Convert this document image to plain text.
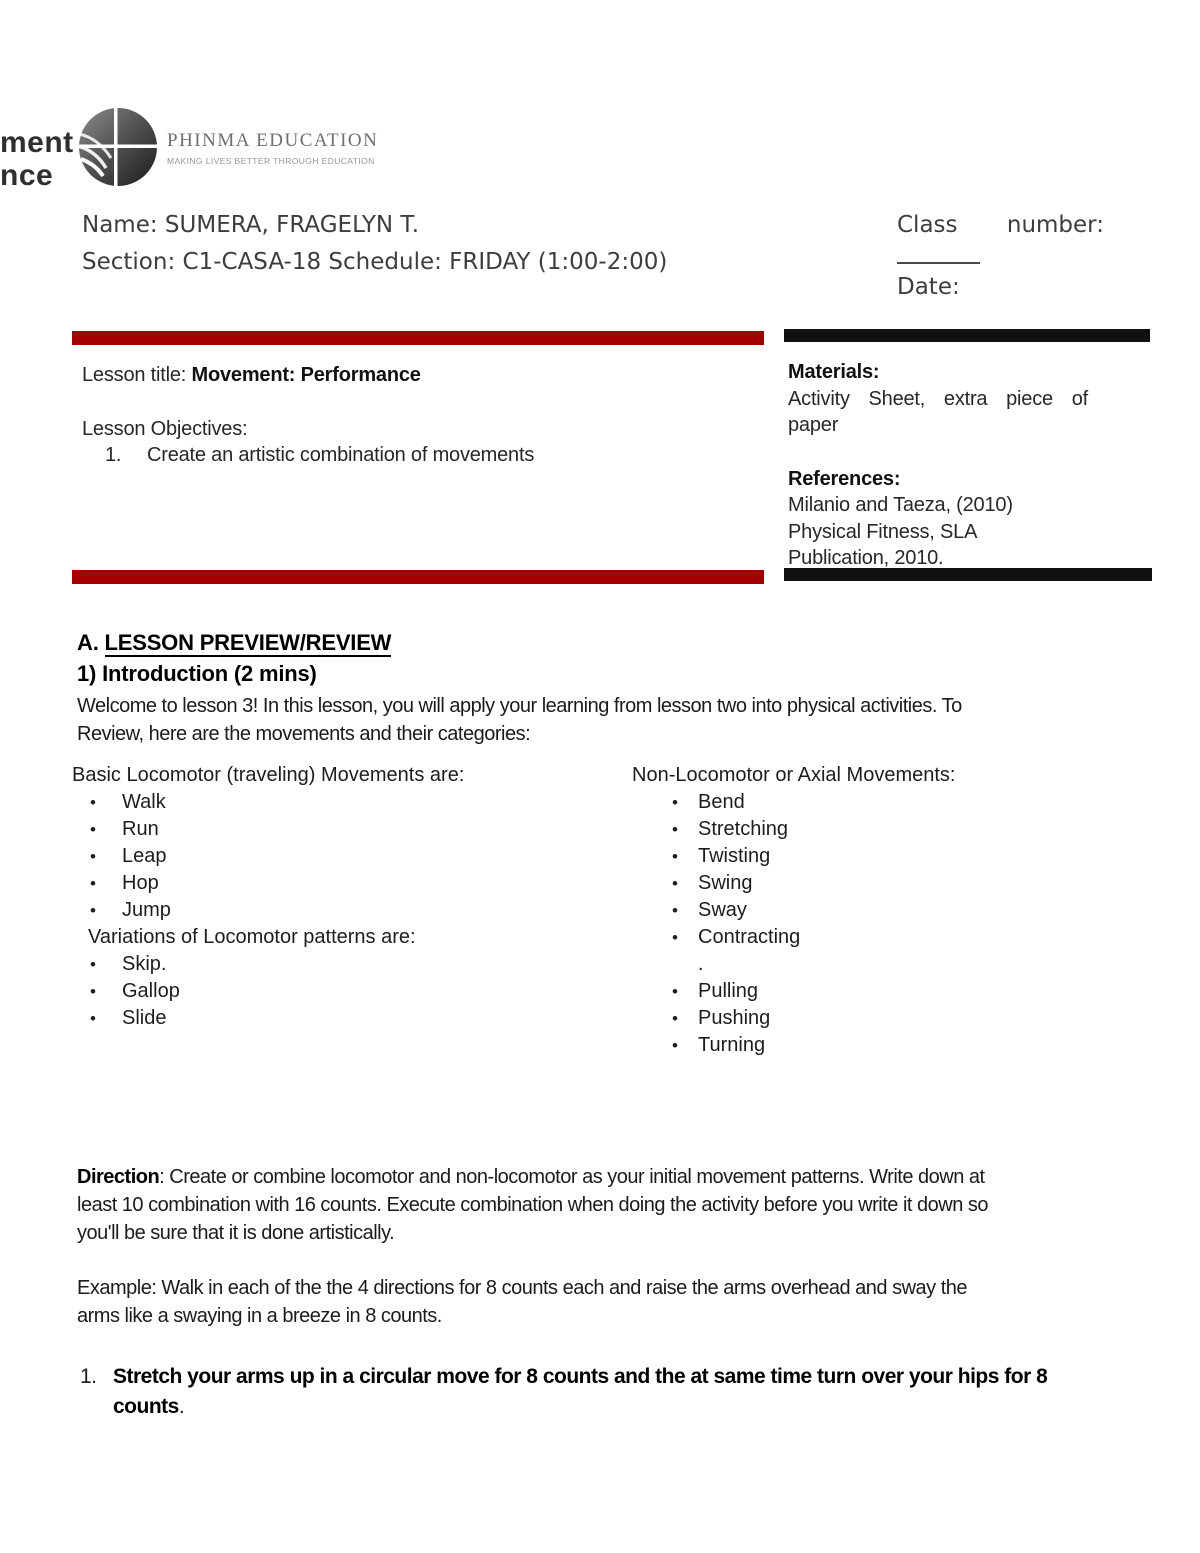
ment
nce
PHINMA EDUCATION
MAKING LIVES BETTER THROUGH EDUCATION
Name: SUMERA, FRAGELYN T.
Section: C1-CASA-18 Schedule: FRIDAY (1:00-2:00)
Class number:
Date:
Lesson title: Movement: Performance
Lesson Objectives:
1. Create an artistic combination of movements
Materials:
Activity Sheet, extra piece of paper
References:
Milanio and Taeza, (2010)
Physical Fitness, SLA
Publication, 2010.
A. LESSON PREVIEW/REVIEW
1) Introduction (2 mins)
Welcome to lesson 3! In this lesson, you will apply your learning from lesson two into physical activities. To
Review, here are the movements and their categories:
Basic Locomotor (traveling) Movements are:
• Walk
• Run
• Leap
• Hop
• Jump
Variations of Locomotor patterns are:
• Skip.
• Gallop
• Slide
Non-Locomotor or Axial Movements:
• Bend
• Stretching
• Twisting
• Swing
• Sway
• Contracting
.
• Pulling
• Pushing
• Turning
Direction: Create or combine locomotor and non-locomotor as your initial movement patterns. Write down at
least 10 combination with 16 counts. Execute combination when doing the activity before you write it down so
you'll be sure that it is done artistically.
Example: Walk in each of the the 4 directions for 8 counts each and raise the arms overhead and sway the
arms like a swaying in a breeze in 8 counts.
1. Stretch your arms up in a circular move for 8 counts and the at same time turn over your hips for 8
counts.
